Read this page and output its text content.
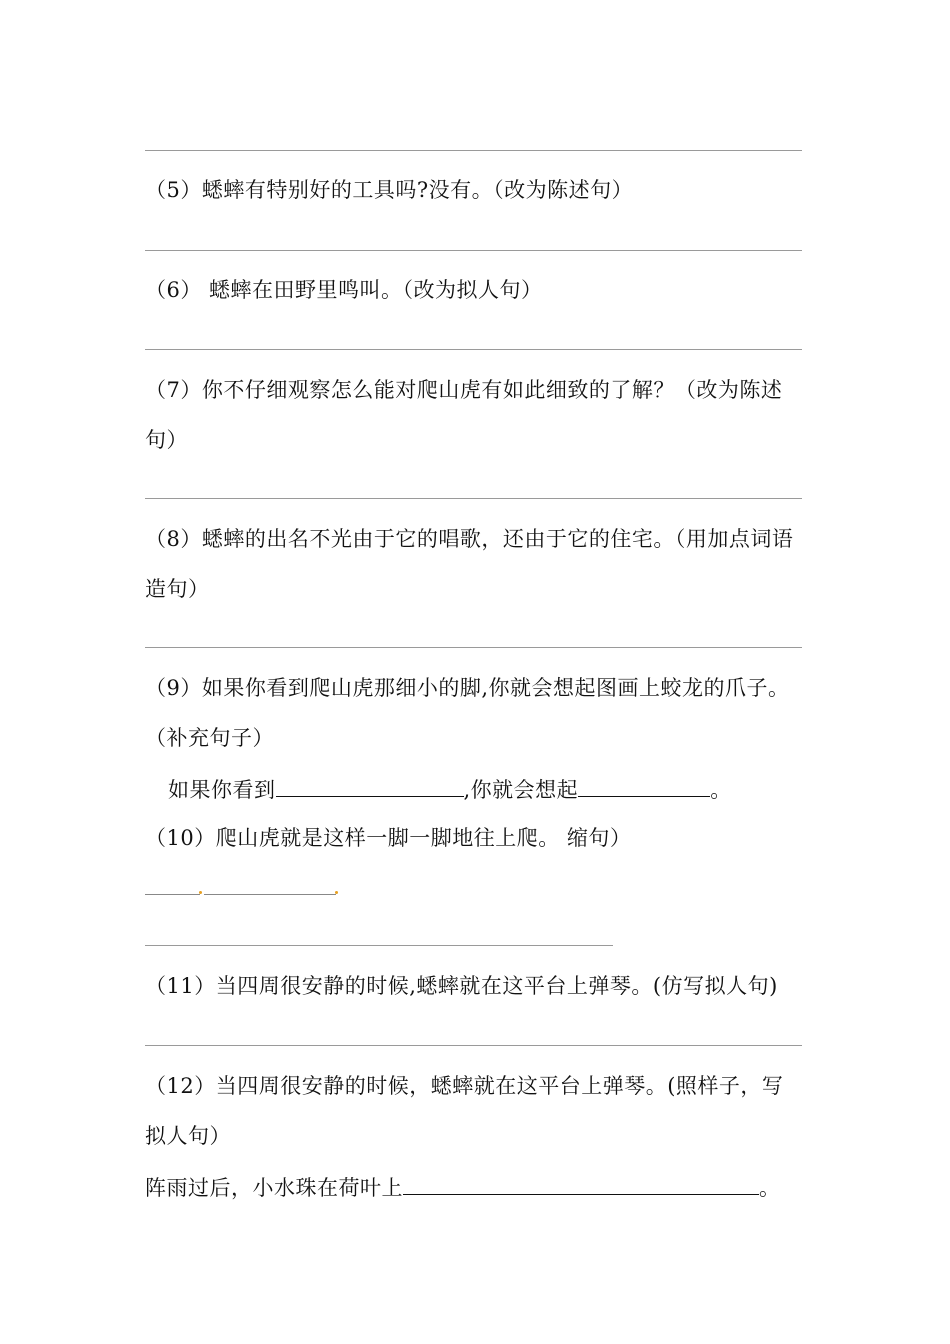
（5）蟋蟀有特别好的工具吗?没有。（改为陈述句）
（6） 蟋蟀在田野里鸣叫。（改为拟人句）
（7）你不仔细观察怎么能对爬山虎有如此细致的了解？（改为陈述
句）
（8）蟋蟀的出名不光由于它的唱歌，还由于它的住宅。（用加点词语
造句）
（9）如果你看到爬山虎那细小的脚,你就会想起图画上蛟龙的爪子。
（补充句子）
如果你看到	,你就会想起	。
（10）爬山虎就是这样一脚一脚地往上爬。 缩句）
（11）当四周很安静的时候,蟋蟀就在这平台上弹琴。(仿写拟人句)
（12）当四周很安静的时候，蟋蟀就在这平台上弹琴。(照样子，写
拟人句）
阵雨过后，小水珠在荷叶上	。
